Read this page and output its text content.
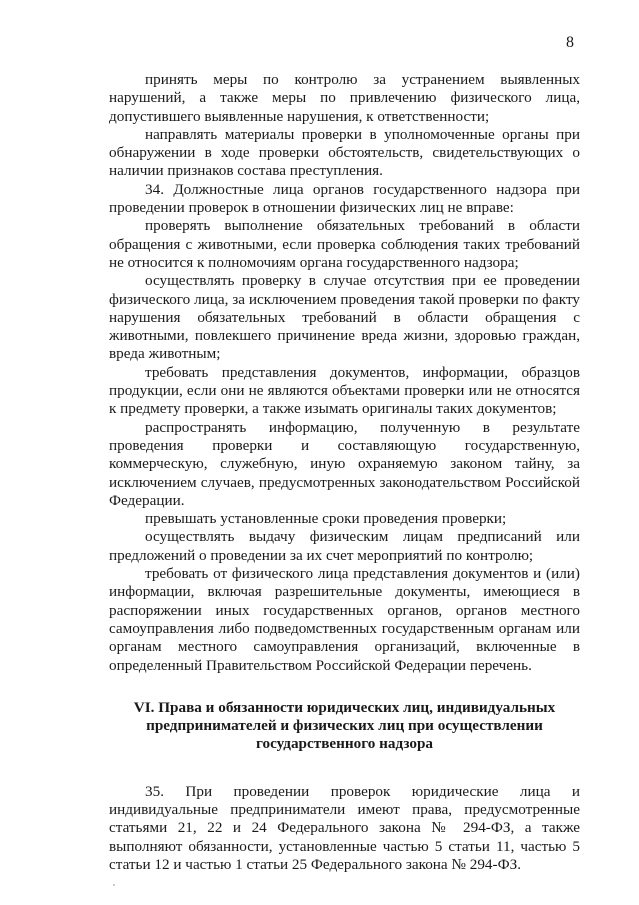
8

принять меры по контролю за устранением выявленных нарушений, а также меры по привлечению физического лица, допустившего выявленные нарушения, к ответственности;

направлять материалы проверки в уполномоченные органы при обнаружении в ходе проверки обстоятельств, свидетельствующих о наличии признаков состава преступления.

34. Должностные лица органов государственного надзора при проведении проверок в отношении физических лиц не вправе:

проверять выполнение обязательных требований в области обращения с животными, если проверка соблюдения таких требований не относится к полномочиям органа государственного надзора;

осуществлять проверку в случае отсутствия при ее проведении физического лица, за исключением проведения такой проверки по факту нарушения обязательных требований в области обращения с животными, повлекшего причинение вреда жизни, здоровью граждан, вреда животным;

требовать представления документов, информации, образцов продукции, если они не являются объектами проверки или не относятся к предмету проверки, а также изымать оригиналы таких документов;

распространять информацию, полученную в результате проведения проверки и составляющую государственную, коммерческую, служебную, иную охраняемую законом тайну, за исключением случаев, предусмотренных законодательством Российской Федерации.

превышать установленные сроки проведения проверки;

осуществлять выдачу физическим лицам предписаний или предложений о проведении за их счет мероприятий по контролю;

требовать от физического лица представления документов и (или) информации, включая разрешительные документы, имеющиеся в распоряжении иных государственных органов, органов местного самоуправления либо подведомственных государственным органам или органам местного самоуправления организаций, включенные в определенный Правительством Российской Федерации перечень.

VI. Права и обязанности юридических лиц, индивидуальных
предпринимателей и физических лиц при осуществлении
государственного надзора

35. При проведении проверок юридические лица и индивидуальные предприниматели имеют права, предусмотренные статьями 21, 22 и 24 Федерального закона № 294-ФЗ, а также выполняют обязанности, установленные частью 5 статьи 11, частью 5 статьи 12 и частью 1 статьи 25 Федерального закона № 294-ФЗ.
